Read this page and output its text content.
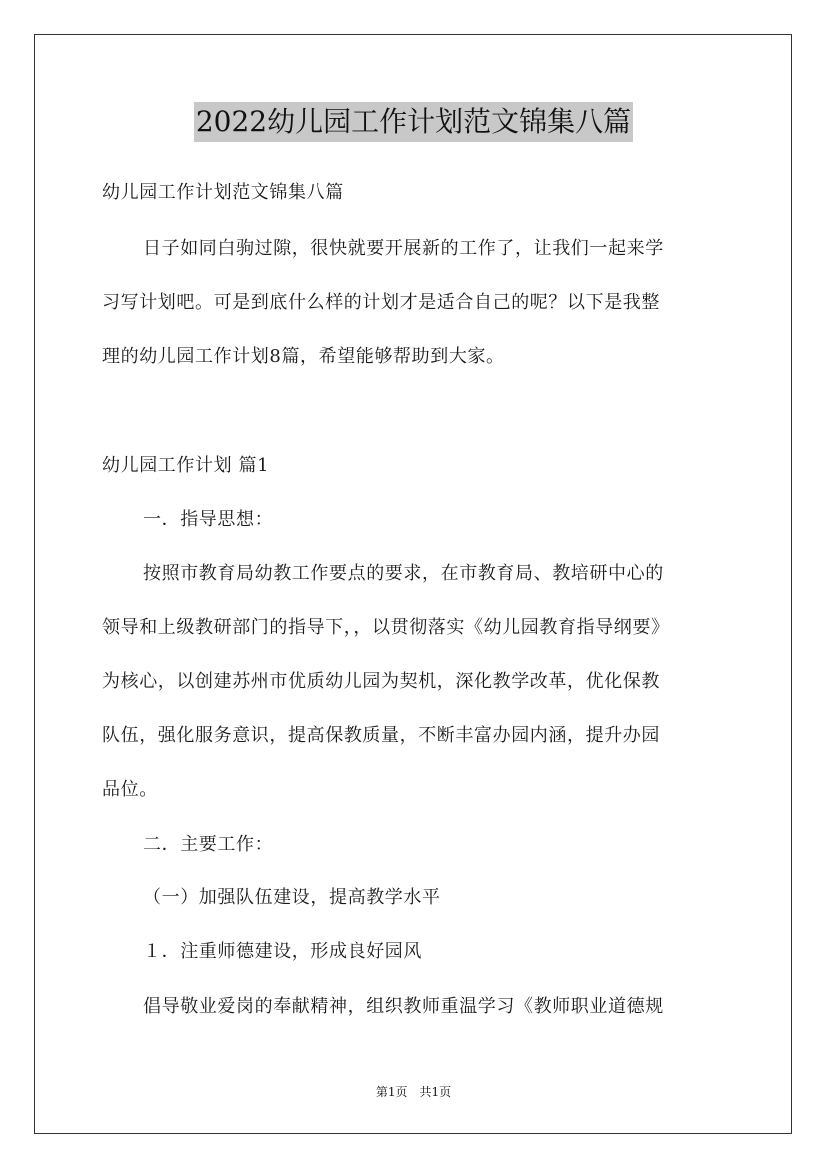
2022幼儿园工作计划范文锦集八篇
幼儿园工作计划范文锦集八篇
日子如同白驹过隙，很快就要开展新的工作了，让我们一起来学
习写计划吧。可是到底什么样的计划才是适合自己的呢？以下是我整
理的幼儿园工作计划8篇，希望能够帮助到大家。
幼儿园工作计划 篇1
一．指导思想：
按照市教育局幼教工作要点的要求，在市教育局、教培研中心的
领导和上级教研部门的指导下，，以贯彻落实《幼儿园教育指导纲要》
为核心，以创建苏州市优质幼儿园为契机，深化教学改革，优化保教
队伍，强化服务意识，提高保教质量，不断丰富办园内涵，提升办园
品位。
二．主要工作：
（一）加强队伍建设，提高教学水平
１．注重师德建设，形成良好园风
倡导敬业爱岗的奉献精神，组织教师重温学习《教师职业道德规
第1页　共1页
